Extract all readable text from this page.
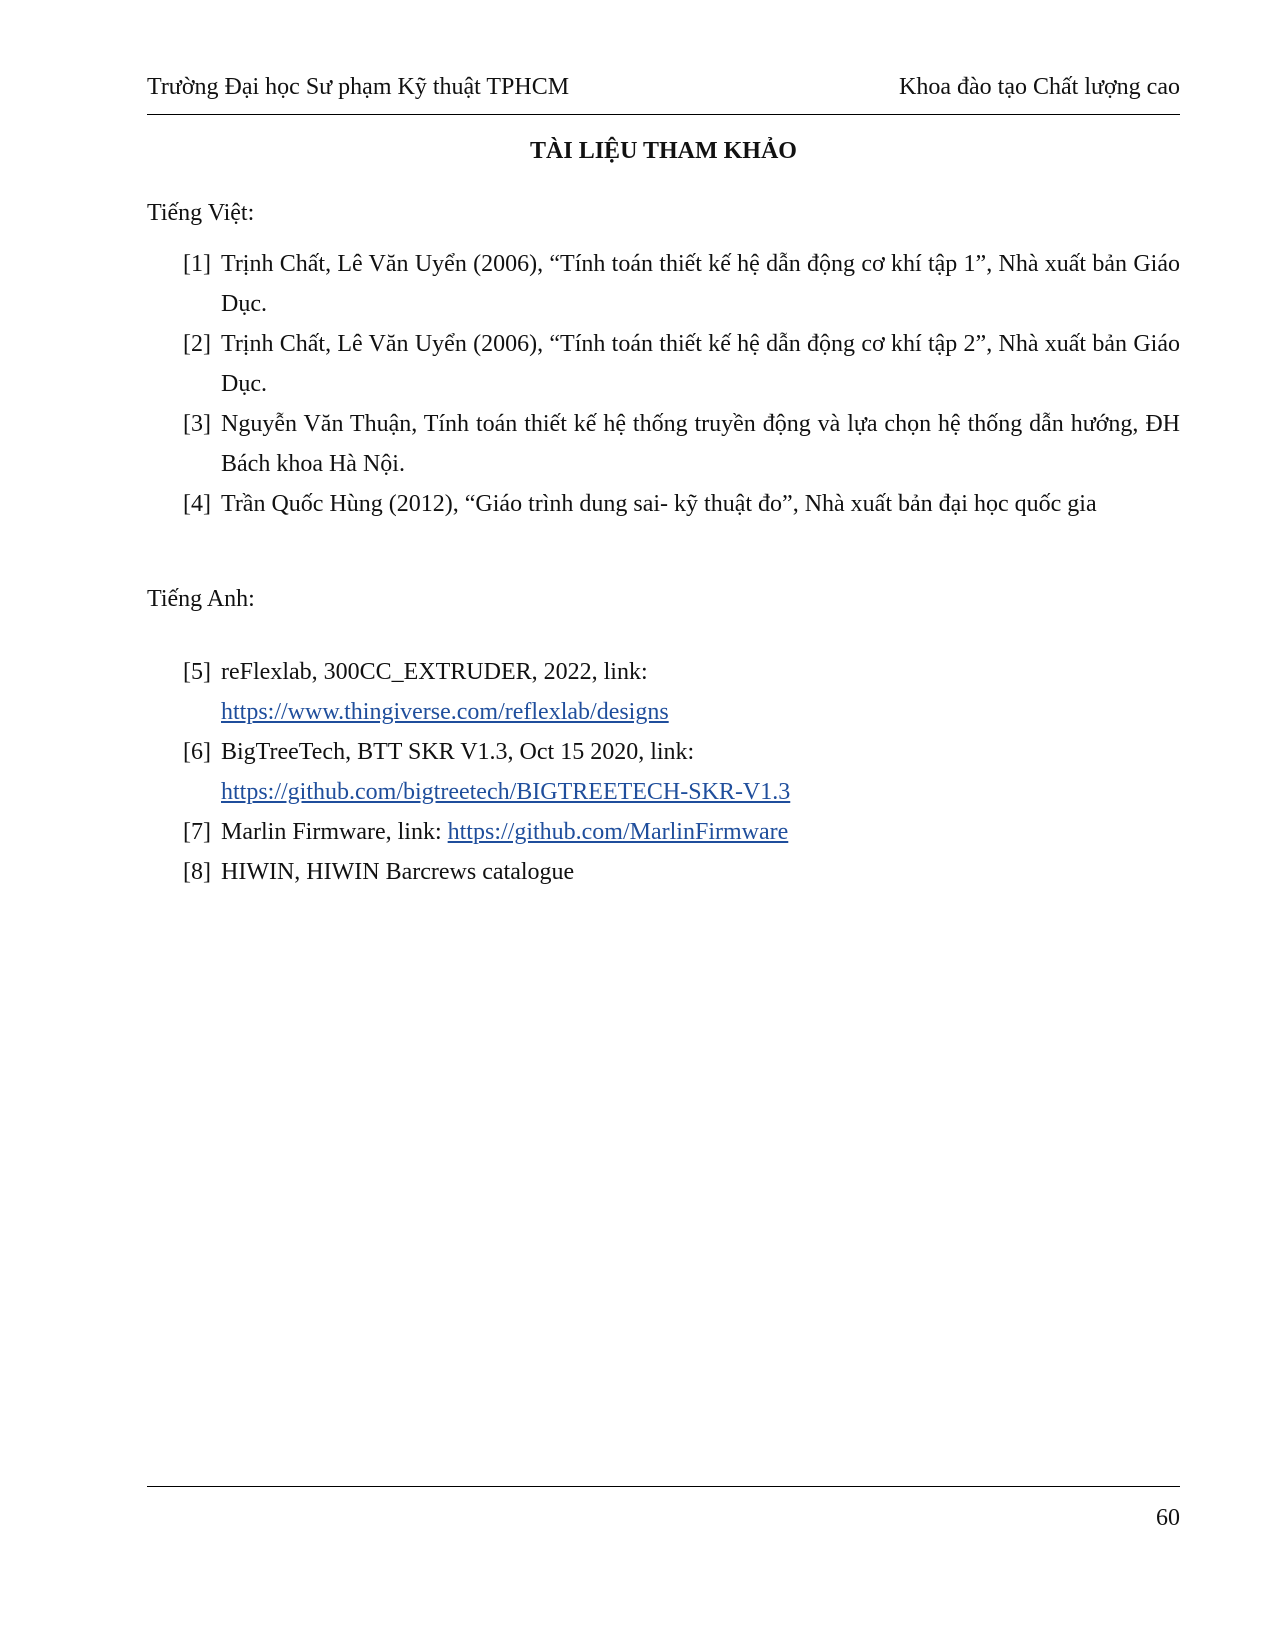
Trường Đại học Sư phạm Kỹ thuật TPHCM	Khoa đào tạo Chất lượng cao
TÀI LIỆU THAM KHẢO
Tiếng Việt:
[1] Trịnh Chất, Lê Văn Uyển (2006), “Tính toán thiết kế hệ dẫn động cơ khí tập 1”, Nhà xuất bản Giáo Dục.
[2] Trịnh Chất, Lê Văn Uyển (2006), “Tính toán thiết kế hệ dẫn động cơ khí tập 2”, Nhà xuất bản Giáo Dục.
[3] Nguyễn Văn Thuận, Tính toán thiết kế hệ thống truyền động và lựa chọn hệ thống dẫn hướng, ĐH Bách khoa Hà Nội.
[4] Trần Quốc Hùng (2012), “Giáo trình dung sai- kỹ thuật đo”, Nhà xuất bản đại học quốc gia
Tiếng Anh:
[5] reFlexlab, 300CC_EXTRUDER, 2022, link:
https://www.thingiverse.com/reflexlab/designs
[6] BigTreeTech, BTT SKR V1.3, Oct 15 2020, link:
https://github.com/bigtreetech/BIGTREETECH-SKR-V1.3
[7] Marlin Firmware, link: https://github.com/MarlinFirmware
[8] HIWIN, HIWIN Barcrews catalogue
60
